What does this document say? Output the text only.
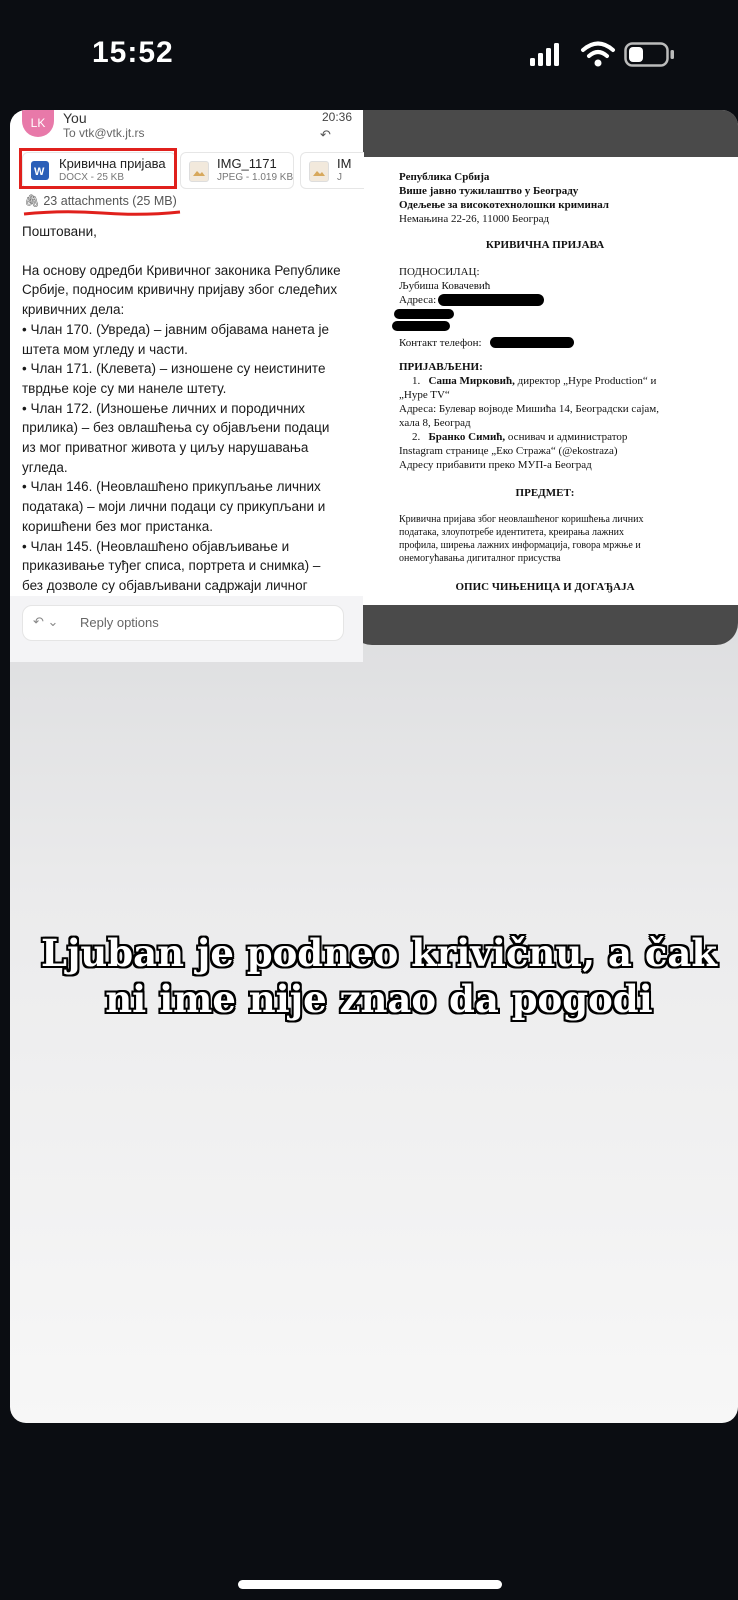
15:52
Република Србија
Више јавно тужилаштво у Београду
Одељење за високотехнолошки криминал
Немањина 22-26, 11000 Београд
КРИВИЧНА ПРИЈАВА
ПОДНОСИЛАЦ:
Љубиша Ковачевић
Адреса:
Контакт телефон:
ПРИЈАВЉЕНИ:
1. Саша Мирковић, директор „Hype Production“ и
„Hype TV“
Адреса: Булевар војводе Мишића 14, Београдски сајам,
хала 8, Београд
2. Бранко Симић, оснивач и администратор
Instagram странице „Еко Стража“ (@ekostraza)
Адресу прибавити преко МУП-а Београд
ПРЕДМЕТ:
Кривична пријава због неовлашћеног коришћења личних
података, злоупотребе идентитета, креирања лажних
профила, ширења лажних информација, говора мржње и
онемогућавања дигиталног присуства
ОПИС ЧИЊЕНИЦА И ДОГАЂАЈА
LK	You
To vtk@vtk.jt.rs
20:36
↶
W
Кривична пријава
DOCX - 25 KB
IMG_1171
JPEG - 1.019 KB
IM
J
🖇 23 attachments (25 MB)

Поштовани,

На основу одредби Кривичног законика Републике Србије, подносим кривичну пријаву због следећих кривичних дела:

• Члан 170. (Увреда) – јавним објавама нанета је штета мом угледу и части.

• Члан 171. (Клевета) – изношене су неистините тврдње које су ми нанеле штету.

• Члан 172. (Изношење личних и породичних прилика) – без овлашћења су објављени подаци из мог приватног живота у циљу нарушавања угледа.

• Члан 146. (Неовлашћено прикупљање личних података) – моји лични подаци су прикупљани и коришћени без мог пристанка.

• Члан 145. (Неовлашћено објављивање и приказивање туђег списа, портрета и снимка) – без дозволе су објављивани садржаји личног

↶ ⌄ Reply options
Ljuban je podneo krivičnu, a čak
ni ime nije znao da pogodi
